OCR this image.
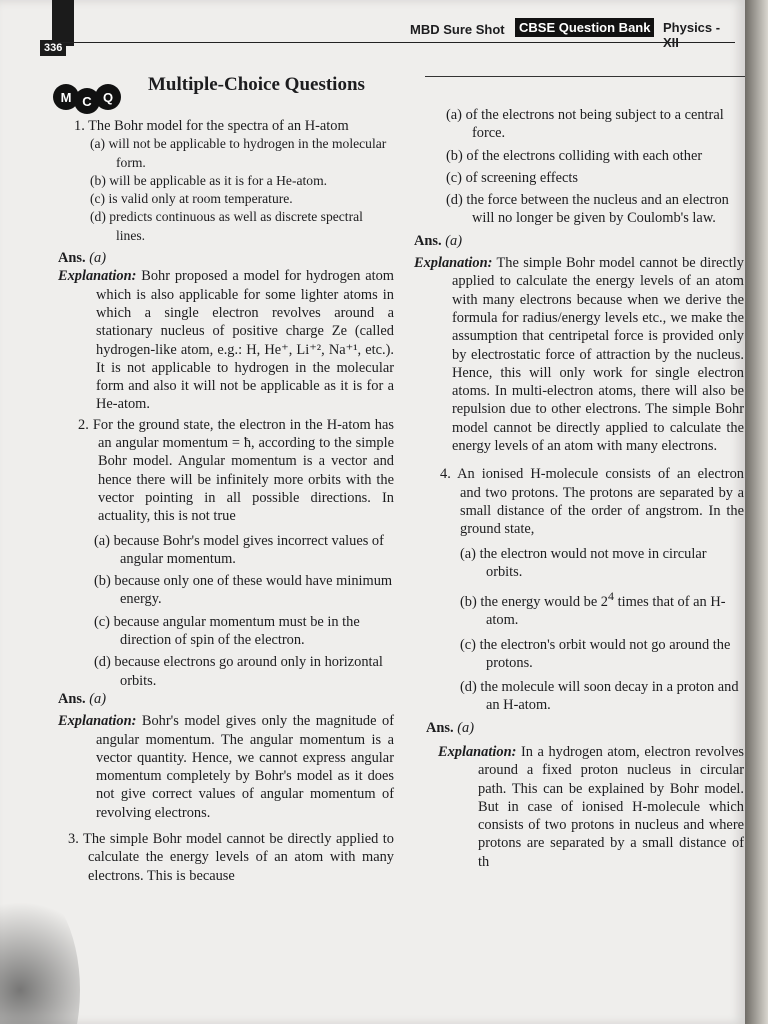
336
MBD Sure Shot	CBSE Question Bank Physics - XII
M C Q
Multiple-Choice Questions

1. The Bohr model for the spectra of an H-atom

(a) will not be applicable to hydrogen in the molecular form.
(b) will be applicable as it is for a He-atom.
(c) is valid only at room temperature.
(d) predicts continuous as well as discrete spectral lines.
Ans. (a)
Explanation: Bohr proposed a model for hydrogen atom which is also applicable for some lighter atoms in which a single electron revolves around a stationary nucleus of positive charge Ze (called hydrogen-like atom, e.g.: H, He⁺, Li⁺², Na⁺¹, etc.). It is not applicable to hydrogen in the molecular form and also it will not be applicable as it is for a He-atom.

2. For the ground state, the electron in the H-atom has an angular momentum = ħ, according to the simple Bohr model. Angular momentum is a vector and hence there will be infinitely more orbits with the vector pointing in all possible directions. In actuality, this is not true

(a) because Bohr's model gives incorrect values of angular momentum.
(b) because only one of these would have minimum energy.
(c) because angular momentum must be in the direction of spin of the electron.
(d) because electrons go around only in horizontal orbits.
Ans. (a)
Explanation: Bohr's model gives only the magnitude of angular momentum. The angular momentum is a vector quantity. Hence, we cannot express angular momentum completely by Bohr's model as it does not give correct values of angular momentum of revolving electrons.

3. The simple Bohr model cannot be directly applied to calculate the energy levels of an atom with many electrons. This is because

(a) of the electrons not being subject to a central force.
(b) of the electrons colliding with each other
(c) of screening effects
(d) the force between the nucleus and an electron will no longer be given by Coulomb's law.
Ans. (a)
Explanation: The simple Bohr model cannot be directly applied to calculate the energy levels of an atom with many electrons because when we derive the formula for radius/energy levels etc., we make the assumption that centripetal force is provided only by electrostatic force of attraction by the nucleus. Hence, this will only work for single electron atoms. In multi-electron atoms, there will also be repulsion due to other electrons. The simple Bohr model cannot be directly applied to calculate the energy levels of an atom with many electrons.

4. An ionised H-molecule consists of an electron and two protons. The protons are separated by a small distance of the order of angstrom. In the ground state,

(a) the electron would not move in circular orbits.
(b) the energy would be $2^4$ times that of an H-atom.
(c) the electron's orbit would not go around the protons.
(d) the molecule will soon decay in a proton and an H-atom.
Ans. (a)
Explanation: In a hydrogen atom, electron revolves around a fixed proton nucleus in circular path. This can be explained by Bohr model. But in case of ionised H-molecule which consists of two protons in nucleus and where protons are separated by a small distance of th
